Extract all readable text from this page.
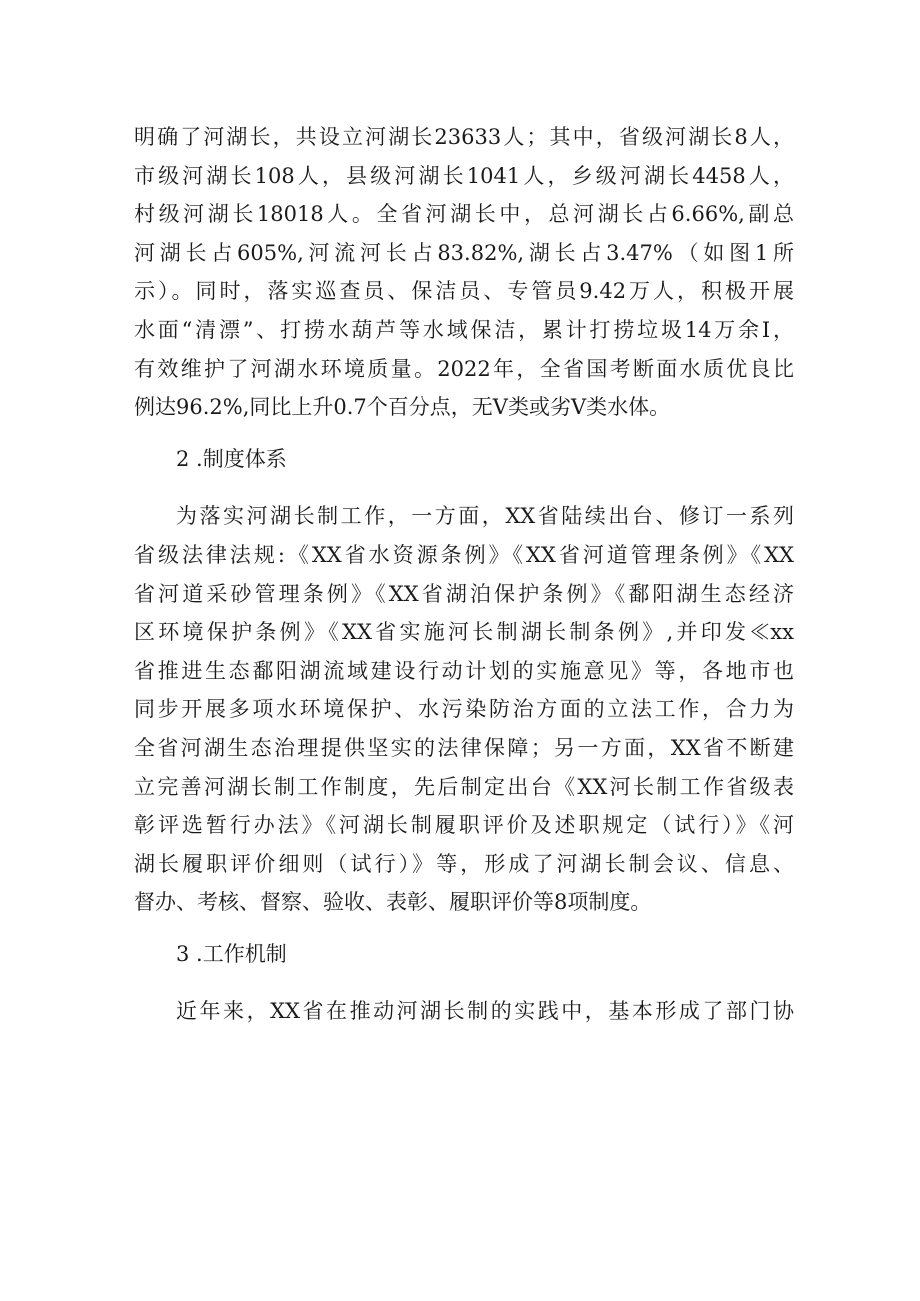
明确了河湖长，共设立河湖长23633人；其中，省级河湖长8人，
市级河湖长108人，县级河湖长1041人，乡级河湖长4458人，
村级河湖长18018人。全省河湖长中，总河湖长占6.66%,副总
河湖长占605%,河流河长占83.82%,湖长占3.47%（如图1所
示）。同时，落实巡查员、保洁员、专管员9.42万人，积极开展
水面“清漂”、打捞水葫芦等水域保洁，累计打捞垃圾14万余I，
有效维护了河湖水环境质量。2022年，全省国考断面水质优良比
例达96.2%,同比上升0.7个百分点，无V类或劣V类水体。
2 .制度体系
为落实河湖长制工作，一方面，XX省陆续出台、修订一系列
省级法律法规:《XX省水资源条例》《XX省河道管理条例》《XX
省河道采砂管理条例》《XX省湖泊保护条例》《鄱阳湖生态经济
区环境保护条例》《XX省实施河长制湖长制条例》,并印发≪xx
省推进生态鄱阳湖流域建设行动计划的实施意见》等，各地市也
同步开展多项水环境保护、水污染防治方面的立法工作，合力为
全省河湖生态治理提供坚实的法律保障；另一方面，XX省不断建
立完善河湖长制工作制度，先后制定出台《XX河长制工作省级表
彰评选暂行办法》《河湖长制履职评价及述职规定（试行）》《河
湖长履职评价细则（试行）》等，形成了河湖长制会议、信息、
督办、考核、督察、验收、表彰、履职评价等8项制度。
3 .工作机制
近年来，XX省在推动河湖长制的实践中，基本形成了部门协
